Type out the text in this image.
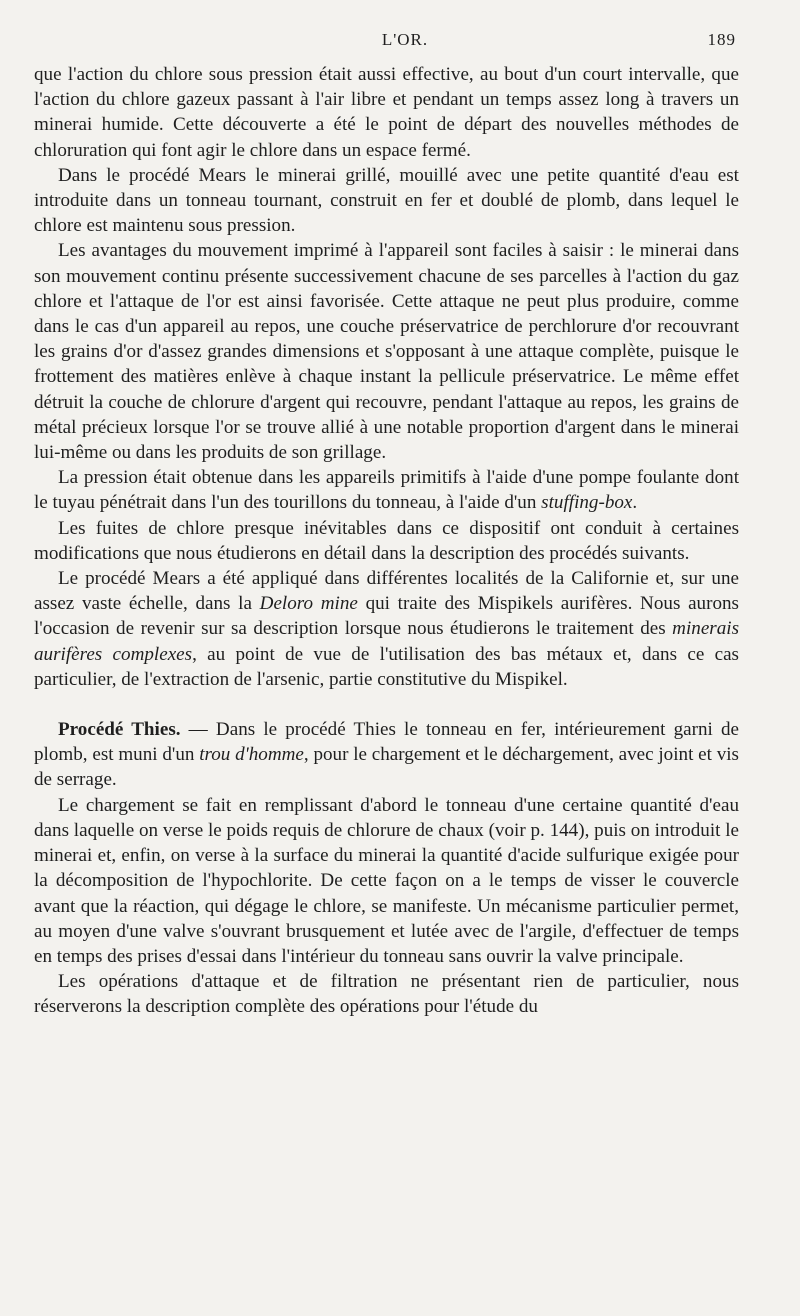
L'OR.	189

que l'action du chlore sous pression était aussi effective, au bout d'un court intervalle, que l'action du chlore gazeux passant à l'air libre et pendant un temps assez long à travers un minerai humide. Cette découverte a été le point de départ des nouvelles méthodes de chloruration qui font agir le chlore dans un espace fermé.

Dans le procédé Mears le minerai grillé, mouillé avec une petite quantité d'eau est introduite dans un tonneau tournant, construit en fer et doublé de plomb, dans lequel le chlore est maintenu sous pression.

Les avantages du mouvement imprimé à l'appareil sont faciles à saisir : le minerai dans son mouvement continu présente successivement chacune de ses parcelles à l'action du gaz chlore et l'attaque de l'or est ainsi favorisée. Cette attaque ne peut plus produire, comme dans le cas d'un appareil au repos, une couche préservatrice de perchlorure d'or recouvrant les grains d'or d'assez grandes dimensions et s'opposant à une attaque complète, puisque le frottement des matières enlève à chaque instant la pellicule préservatrice. Le même effet détruit la couche de chlorure d'argent qui recouvre, pendant l'attaque au repos, les grains de métal précieux lorsque l'or se trouve allié à une notable proportion d'argent dans le minerai lui-même ou dans les produits de son grillage.

La pression était obtenue dans les appareils primitifs à l'aide d'une pompe foulante dont le tuyau pénétrait dans l'un des tourillons du tonneau, à l'aide d'un stuffing-box.

Les fuites de chlore presque inévitables dans ce dispositif ont conduit à certaines modifications que nous étudierons en détail dans la description des procédés suivants.

Le procédé Mears a été appliqué dans différentes localités de la Californie et, sur une assez vaste échelle, dans la Deloro mine qui traite des Mispikels aurifères. Nous aurons l'occasion de revenir sur sa description lorsque nous étudierons le traitement des minerais aurifères complexes, au point de vue de l'utilisation des bas métaux et, dans ce cas particulier, de l'extraction de l'arsenic, partie constitutive du Mispikel.

Procédé Thies. — Dans le procédé Thies le tonneau en fer, intérieurement garni de plomb, est muni d'un trou d'homme, pour le chargement et le déchargement, avec joint et vis de serrage.

Le chargement se fait en remplissant d'abord le tonneau d'une certaine quantité d'eau dans laquelle on verse le poids requis de chlorure de chaux (voir p. 144), puis on introduit le minerai et, enfin, on verse à la surface du minerai la quantité d'acide sulfurique exigée pour la décomposition de l'hypochlorite. De cette façon on a le temps de visser le couvercle avant que la réaction, qui dégage le chlore, se manifeste. Un mécanisme particulier permet, au moyen d'une valve s'ouvrant brusquement et lutée avec de l'argile, d'effectuer de temps en temps des prises d'essai dans l'intérieur du tonneau sans ouvrir la valve principale.

Les opérations d'attaque et de filtration ne présentant rien de particulier, nous réserverons la description complète des opérations pour l'étude du
